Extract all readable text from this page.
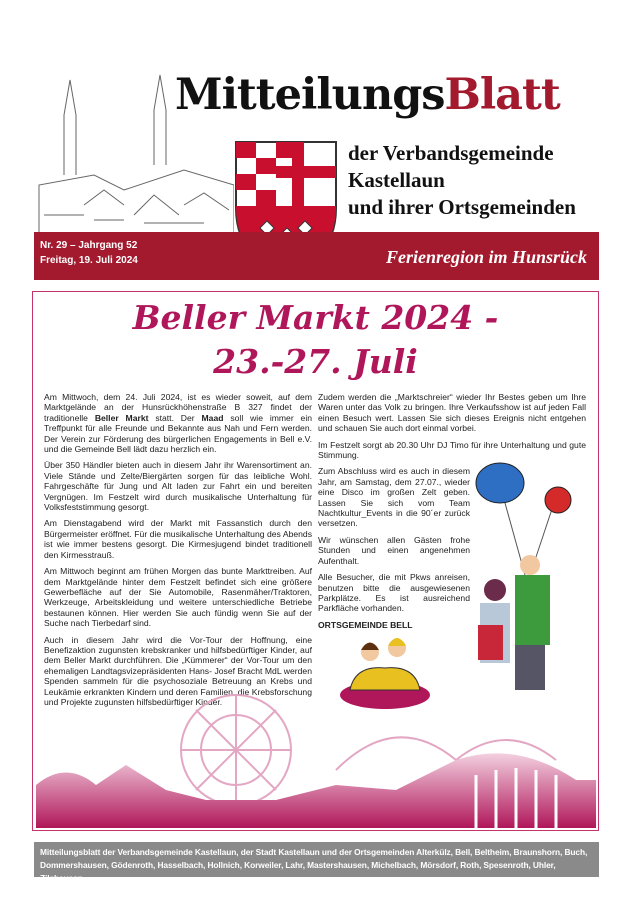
MitteilungsBlatt
der Verbandsgemeinde
Kastellaun
und ihrer Ortsgemeinden
Nr. 29 – Jahrgang 52
Freitag, 19. Juli 2024	Ferienregion im Hunsrück
Beller Markt 2024 -
23.-27. Juli

Am Mittwoch, dem 24. Juli 2024, ist es wieder soweit, auf dem Marktgelände an der Hunsrückhöhenstraße B 327 findet der traditionelle Beller Markt statt. Der Maad soll wie immer ein Treffpunkt für alle Freunde und Bekannte aus Nah und Fern werden. Der Verein zur Förderung des bürgerlichen Engagements in Bell e.V. und die Gemeinde Bell lädt dazu herzlich ein.

Über 350 Händler bieten auch in diesem Jahr ihr Warensortiment an. Viele Stände und Zelte/Biergärten sorgen für das leibliche Wohl. Fahrgeschäfte für Jung und Alt laden zur Fahrt ein und bereiten Vergnügen. Im Festzelt wird durch musikalische Unterhaltung für Volksfeststimmung gesorgt.

Am Dienstagabend wird der Markt mit Fassanstich durch den Bürgermeister eröffnet. Für die musikalische Unterhaltung des Abends ist wie immer bestens gesorgt. Die Kirmesjugend bindet traditionell den Kirmesstrauß.

Am Mittwoch beginnt am frühen Morgen das bunte Markttreiben. Auf dem Marktgelände hinter dem Festzelt befindet sich eine größere Gewerbefläche auf der Sie Automobile, Rasenmäher/Traktoren, Werkzeuge, Arbeitskleidung und weitere unterschiedliche Betriebe bestaunen können. Hier werden Sie auch fündig wenn Sie auf der Suche nach Tierbedarf sind.

Auch in diesem Jahr wird die Vor-Tour der Hoffnung, eine Benefizaktion zugunsten krebskranker und hilfsbedürftiger Kinder, auf dem Beller Markt durchführen. Die „Kümmerer“ der Vor-Tour um den ehemaligen Landtagsvizepräsidenten Hans- Josef Bracht MdL werden Spenden sammeln für die psychosoziale Betreuung an Krebs und Leukämie erkrankten Kindern und deren Familien, die Krebsforschung und Projekte zugunsten hilfsbedürftiger Kinder.

Zudem werden die „Marktschreier“ wieder Ihr Bestes geben um Ihre Waren unter das Volk zu bringen. Ihre Verkaufsshow ist auf jeden Fall einen Besuch wert. Lassen Sie sich dieses Ereignis nicht entgehen und schauen Sie auch dort einmal vorbei.

Im Festzelt sorgt ab 20.30 Uhr DJ Timo für ihre Unterhaltung und gute Stimmung.

Zum Abschluss wird es auch in diesem Jahr, am Samstag, dem 27.07., wieder eine Disco im großen Zelt geben. Lassen Sie sich vom Team Nachtkultur_Events in die 90´er zurück versetzen.

Wir wünschen allen Gästen frohe Stunden und einen angenehmen Aufenthalt.

Alle Besucher, die mit Pkws anreisen, benutzen bitte die ausgewiesenen Parkplätze. Es ist ausreichend Parkfläche vorhanden.

ORTSGEMEINDE BELL

Mitteilungsblatt der Verbandsgemeinde Kastellaun, der Stadt Kastellaun und der Ortsgemeinden Alterkülz, Bell, Beltheim, Braunshorn, Buch, Dommershausen, Gödenroth, Hasselbach, Hollnich, Korweiler, Lahr, Mastershausen, Michelbach, Mörsdorf, Roth, Spesenroth, Uhler, Zilshausen
